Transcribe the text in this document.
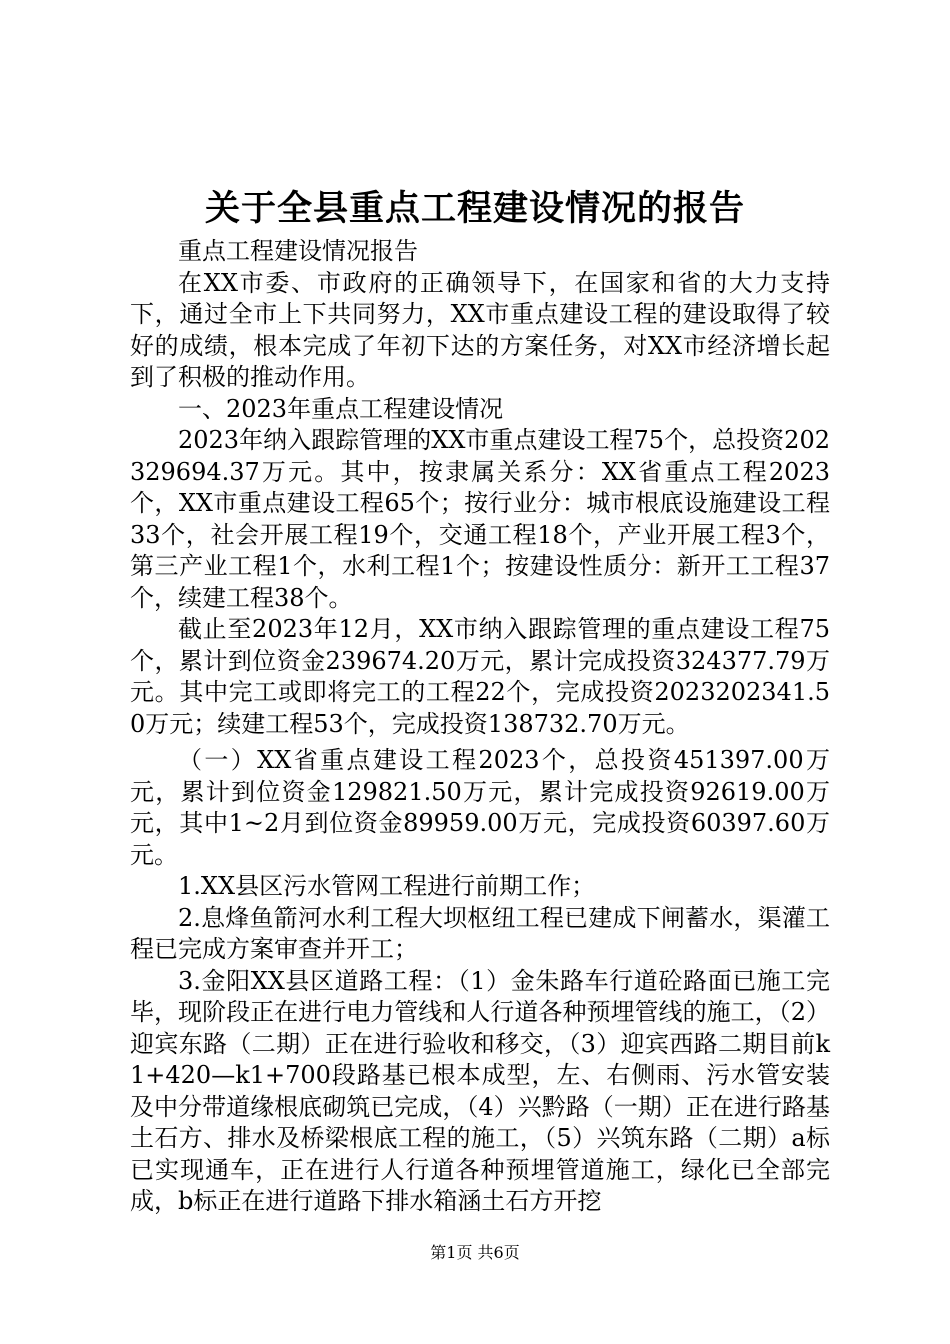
关于全县重点工程建设情况的报告

重点工程建设情况报告

在XX市委、市政府的正确领导下，在国家和省的大力支持下，通过全市上下共同努力，XX市重点建设工程的建设取得了较好的成绩，根本完成了年初下达的方案任务，对XX市经济增长起到了积极的推动作用。

一、2023年重点工程建设情况

2023年纳入跟踪管理的XX市重点建设工程75个，总投资202329694.37万元。其中，按隶属关系分：XX省重点工程2023个，XX市重点建设工程65个；按行业分：城市根底设施建设工程33个，社会开展工程19个，交通工程18个，产业开展工程3个，第三产业工程1个，水利工程1个；按建设性质分：新开工工程37个，续建工程38个。

截止至2023年12月，XX市纳入跟踪管理的重点建设工程75个，累计到位资金239674.20万元，累计完成投资324377.79万元。其中完工或即将完工的工程22个，完成投资2023202341.50万元；续建工程53个，完成投资138732.70万元。

（一）XX省重点建设工程2023个，总投资451397.00万元，累计到位资金129821.50万元，累计完成投资92619.00万元，其中1~2月到位资金89959.00万元，完成投资60397.60万元。

1.XX县区污水管网工程进行前期工作；

2.息烽鱼箭河水利工程大坝枢纽工程已建成下闸蓄水，渠灌工程已完成方案审查并开工；

3.金阳XX县区道路工程：（1）金朱路车行道砼路面已施工完毕，现阶段正在进行电力管线和人行道各种预埋管线的施工，（2）迎宾东路（二期）正在进行验收和移交，（3）迎宾西路二期目前k1+420—k1+700段路基已根本成型，左、右侧雨、污水管安装及中分带道缘根底砌筑已完成，（4）兴黔路（一期）正在进行路基土石方、排水及桥梁根底工程的施工，（5）兴筑东路（二期）a标已实现通车，正在进行人行道各种预埋管道施工，绿化已全部完成，b标正在进行道路下排水箱涵土石方开挖

第1页 共6页
